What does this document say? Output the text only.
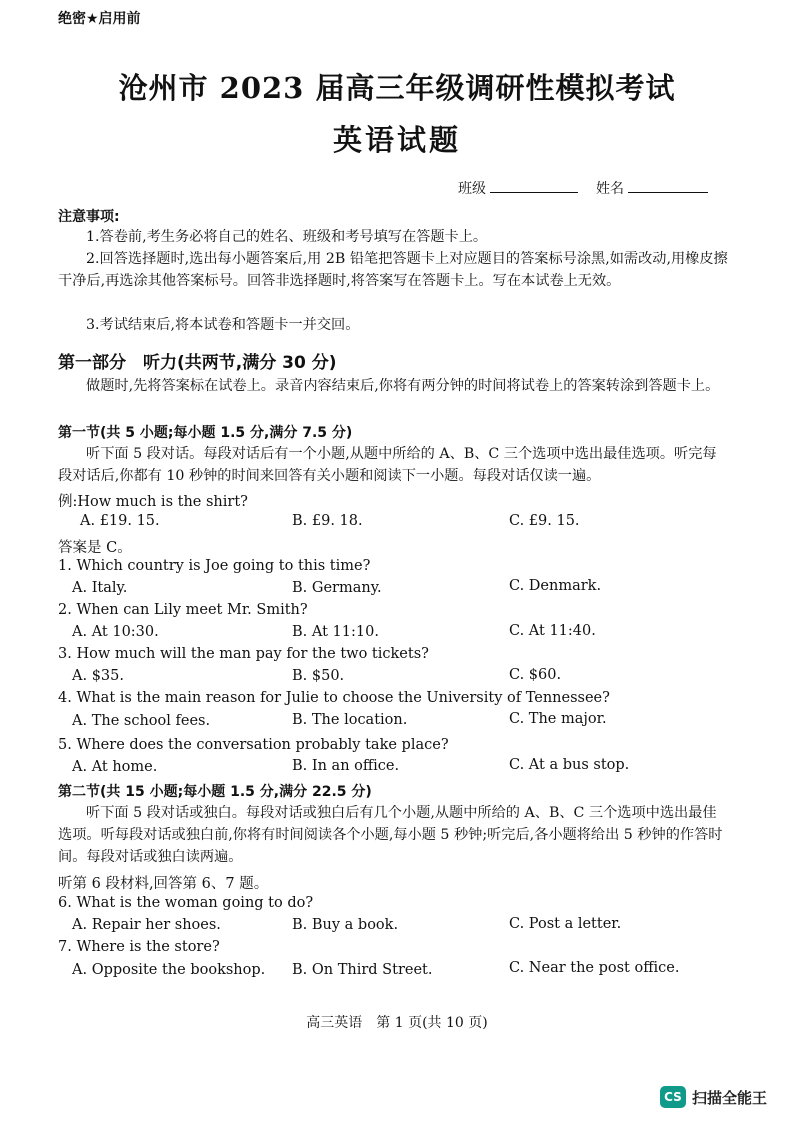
绝密★启用前
沧州市 2023 届高三年级调研性模拟考试
英语试题
班级	姓名
注意事项:
1.答卷前,考生务必将自己的姓名、班级和考号填写在答题卡上。
2.回答选择题时,选出每小题答案后,用 2B 铅笔把答题卡上对应题目的答案标号涂黑,如需改动,用橡皮擦干净后,再选涂其他答案标号。回答非选择题时,将答案写在答题卡上。写在本试卷上无效。
3.考试结束后,将本试卷和答题卡一并交回。
第一部分　听力(共两节,满分 30 分)
做题时,先将答案标在试卷上。录音内容结束后,你将有两分钟的时间将试卷上的答案转涂到答题卡上。
第一节(共 5 小题;每小题 1.5 分,满分 7.5 分)
听下面 5 段对话。每段对话后有一个小题,从题中所给的 A、B、C 三个选项中选出最佳选项。听完每段对话后,你都有 10 秒钟的时间来回答有关小题和阅读下一小题。每段对话仅读一遍。
例:How much is the shirt?
A. £19. 15.	B. £9. 18.	C. £9. 15.
答案是 C。
1. Which country is Joe going to this time?
A. Italy.	B. Germany.	C. Denmark.
2. When can Lily meet Mr. Smith?
A. At 10:30.	B. At 11:10.	C. At 11:40.
3. How much will the man pay for the two tickets?
A. $35.	B. $50.	C. $60.
4. What is the main reason for Julie to choose the University of Tennessee?
A. The school fees.	B. The location.	C. The major.
5. Where does the conversation probably take place?
A. At home.	B. In an office.	C. At a bus stop.
第二节(共 15 小题;每小题 1.5 分,满分 22.5 分)
听下面 5 段对话或独白。每段对话或独白后有几个小题,从题中所给的 A、B、C 三个选项中选出最佳选项。听每段对话或独白前,你将有时间阅读各个小题,每小题 5 秒钟;听完后,各小题将给出 5 秒钟的作答时间。每段对话或独白读两遍。
听第 6 段材料,回答第 6、7 题。
6. What is the woman going to do?
A. Repair her shoes.	B. Buy a book.	C. Post a letter.
7. Where is the store?
A. Opposite the bookshop. B. On Third Street.	C. Near the post office.
高三英语　第 1 页(共 10 页)
CS 扫描全能王
